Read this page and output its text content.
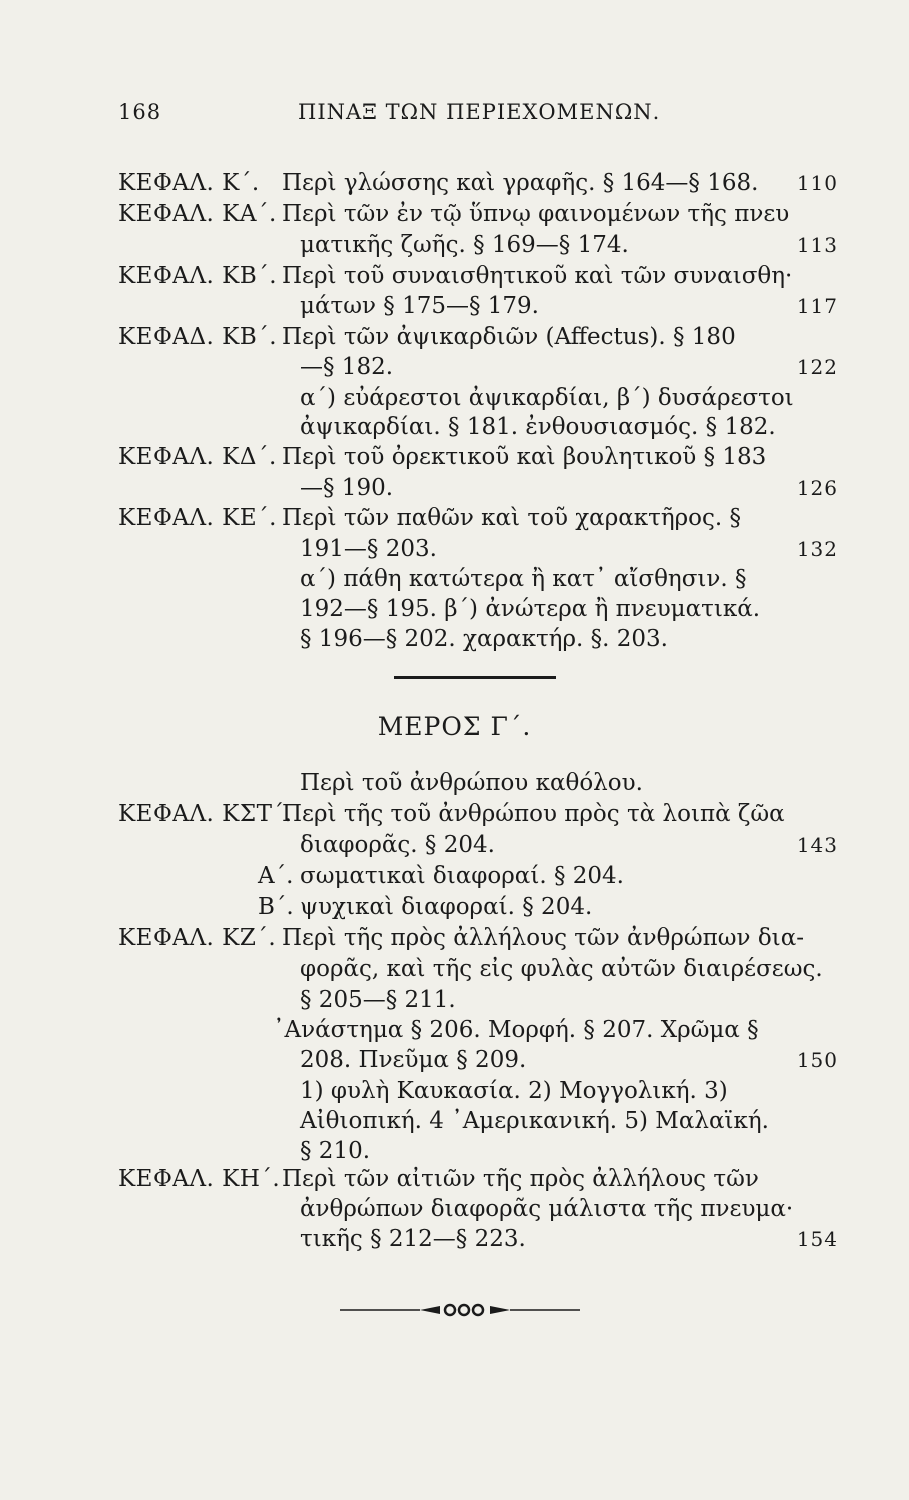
168	ΠΙΝΑΞ ΤΩΝ ΠΕΡΙΕΧΟΜΕΝΩΝ.
ΚΕΦΑΛ. Κ΄. Περὶ γλώσσης καὶ γραφῆς. § 164—§ 168. 110
ΚΕΦΑΛ. ΚΑ΄. Περὶ τῶν ἐν τῷ ὕπνῳ φαινομένων τῆς πνευ
ματικῆς ζωῆς. § 169—§ 174.	113
ΚΕΦΑΛ. ΚΒ΄. Περὶ τοῦ συναισθητικοῦ καὶ τῶν συναισθη·
μάτων § 175—§ 179.	117
ΚΕΦΑΔ. ΚΒ΄. Περὶ τῶν ἀψικαρδιῶν (Affectus). § 180
—§ 182.	122
α΄) εὐάρεστοι ἀψικαρδίαι, β΄) δυσάρεστοι
ἀψικαρδίαι. § 181. ἐνθουσιασμός. § 182.
ΚΕΦΑΛ. ΚΔ΄. Περὶ τοῦ ὀρεκτικοῦ καὶ βουλητικοῦ § 183
—§ 190.	126
ΚΕΦΑΛ. ΚΕ΄. Περὶ τῶν παθῶν καὶ τοῦ χαρακτῆρος. §
191—§ 203.	132
α΄) πάθη κατώτερα ἢ κατ᾽ αἴσθησιν. §
192—§ 195. β΄) ἀνώτερα ἢ πνευματικά.
§ 196—§ 202. χαρακτήρ. §. 203.
ΜΕΡΟΣ Γ΄.
Περὶ τοῦ ἀνθρώπου καθόλου.
ΚΕΦΑΛ. ΚΣΤ΄.
Περὶ τῆς τοῦ ἀνθρώπου πρὸς τὰ λοιπὰ ζῶα
διαφορᾶς. § 204.	143
Α΄. σωματικαὶ διαφοραί. § 204.
Β΄. ψυχικαὶ διαφοραί. § 204.
ΚΕΦΑΛ. ΚΖ΄. Περὶ τῆς πρὸς ἀλλήλους τῶν ἀνθρώπων δια-
φορᾶς, καὶ τῆς εἰς φυλὰς αὐτῶν διαιρέσεως.
§ 205—§ 211.
᾽Ανάστημα § 206. Μορφή. § 207. Χρῶμα §
208. Πνεῦμα § 209.	150
1) φυλὴ Καυκασία. 2) Μογγολική. 3)
Αἰθιοπική. 4 ᾽Αμερικανική. 5) Μαλαϊκή.
§ 210.
ΚΕΦΑΛ. ΚΗ΄. Περὶ τῶν αἰτιῶν τῆς πρὸς ἀλλήλους τῶν
ἀνθρώπων διαφορᾶς μάλιστα τῆς πνευμα·
τικῆς § 212—§ 223.	154
